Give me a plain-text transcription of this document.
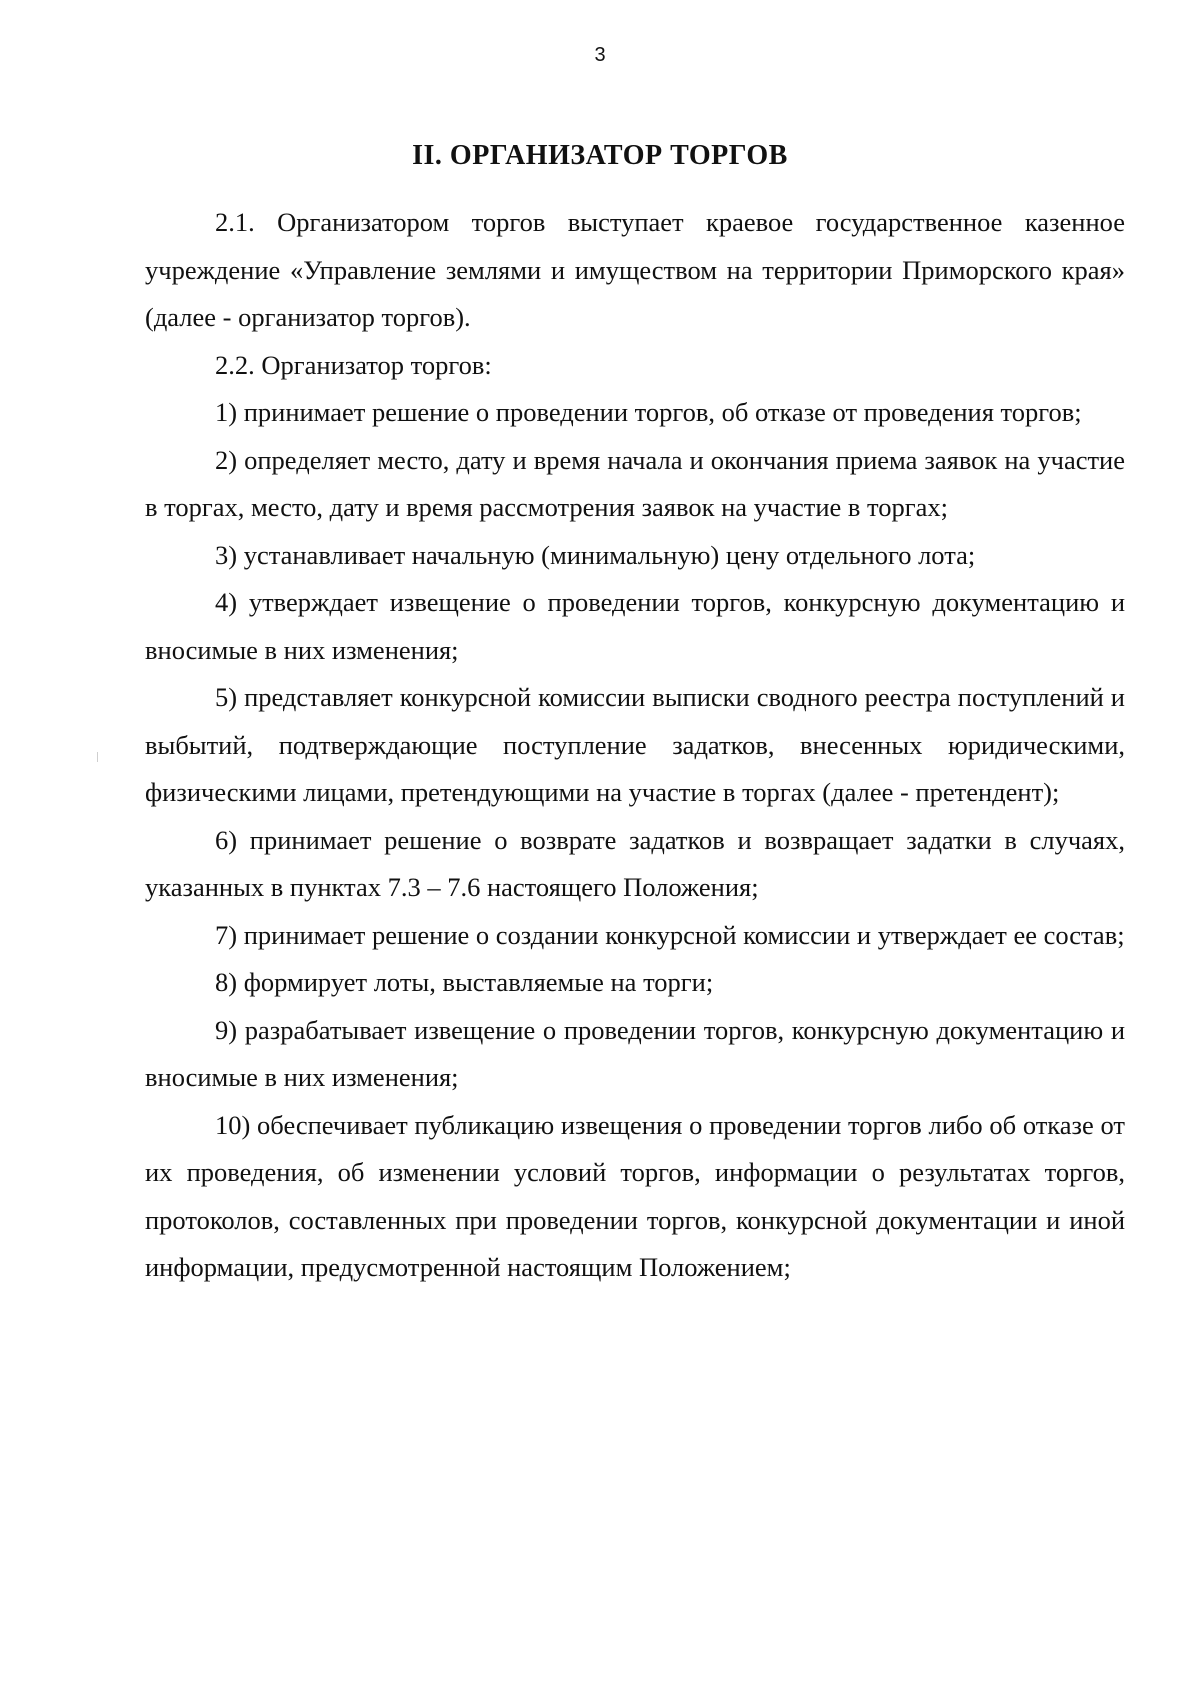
3
II. ОРГАНИЗАТОР ТОРГОВ

2.1. Организатором торгов выступает краевое государственное казенное учреждение «Управление землями и имуществом на территории Приморского края» (далее - организатор торгов).

2.2. Организатор торгов:

1) принимает решение о проведении торгов, об отказе от проведения торгов;

2) определяет место, дату и время начала и окончания приема заявок на участие в торгах, место, дату и время рассмотрения заявок на участие в торгах;

3) устанавливает начальную (минимальную) цену отдельного лота;

4) утверждает извещение о проведении торгов, конкурсную документацию и вносимые в них изменения;

5) представляет конкурсной комиссии выписки сводного реестра поступлений и выбытий, подтверждающие поступление задатков, внесенных юридическими, физическими лицами, претендующими на участие в торгах (далее - претендент);

6) принимает решение о возврате задатков и возвращает задатки в случаях, указанных в пунктах 7.3 – 7.6 настоящего Положения;

7) принимает решение о создании конкурсной комиссии и утверждает ее состав;

8) формирует лоты, выставляемые на торги;

9) разрабатывает извещение о проведении торгов, конкурсную документацию и вносимые в них изменения;

10) обеспечивает публикацию извещения о проведении торгов либо об отказе от их проведения, об изменении условий торгов, информации о результатах торгов, протоколов, составленных при проведении торгов, конкурсной документации и иной информации, предусмотренной настоящим Положением;
